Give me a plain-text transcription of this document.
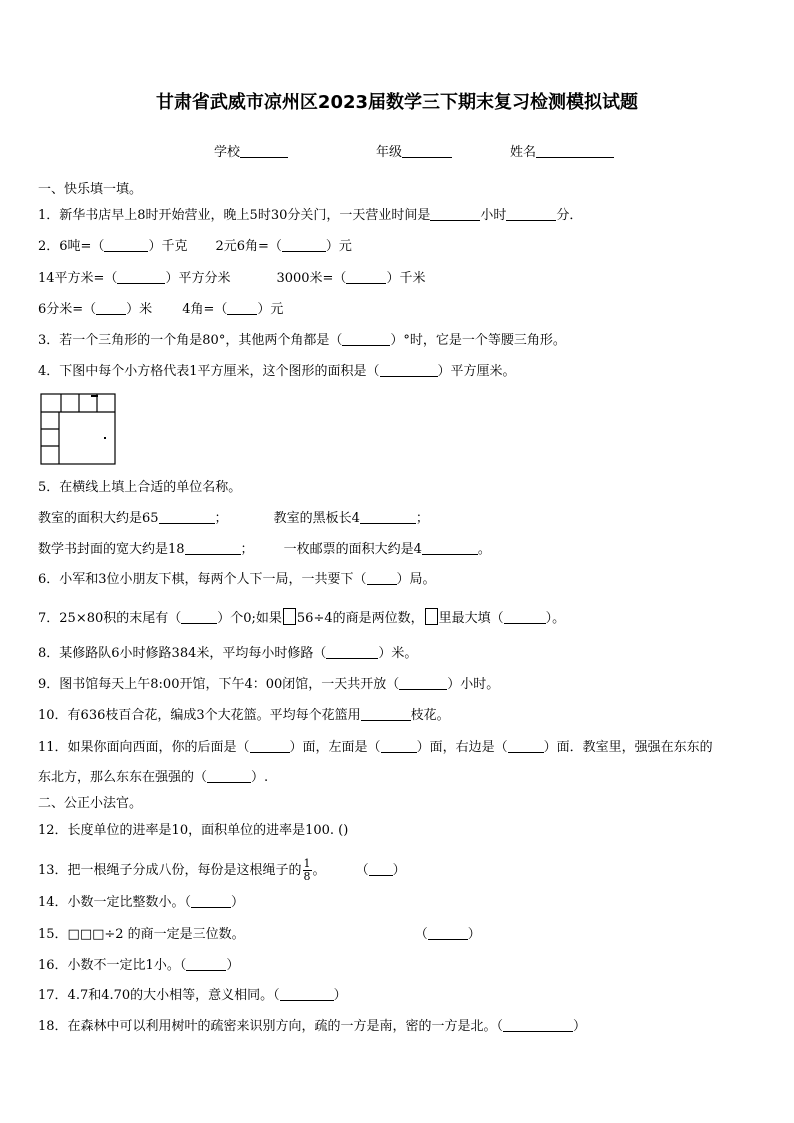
甘肃省武威市凉州区2023届数学三下期末复习检测模拟试题
学校	年级	姓名
一、快乐填一填。
1．新华书店早上8时开始营业，晚上5时30分关门，一天营业时间是	小时	分．
2．6吨=（	）千克 2元6角=（	）元
14平方米=（	）平方分米	3000米=（	）千米
6分米=（ ）米 4角=（ ）元
3．若一个三角形的一个角是80°，其他两个角都是（	）°时，它是一个等腰三角形。
4．下图中每个小方格代表1平方厘米，这个图形的面积是（	）平方厘米。
5．在横线上填上合适的单位名称。
教室的面积大约是65	；	教室的黑板长4	；
数学书封面的宽大约是18	； 一枚邮票的面积大约是4	。
6．小军和3位小朋友下棋，每两个人下一局，一共要下（ ）局。
7．25×80积的末尾有（	）个0;如果 56÷4的商是两位数， 里最大填（	）。
8．某修路队6小时修路384米，平均每小时修路（	）米。
9．图书馆每天上午8:00开馆，下午4：00闭馆，一天共开放（	）小时。
10．有636枝百合花，编成3个大花篮。平均每个花篮用	枝花。
11．如果你面向西面，你的后面是（	）面，左面是（	）面，右边是（	）面．教室里，强强在东东的
东北方，那么东东在强强的（	）.
二、公正小法官。
12．长度单位的进率是10，面积单位的进率是100. ()
13．把一根绳子分成八份，每份是这根绳子的 $\frac{1}{8}$ 。 （ ）
14．小数一定比整数小。（	）
15．□□□÷2 的商一定是三位数。	（	）
16．小数不一定比1小。（	）
17．4.7和4.70的大小相等，意义相同。（	）
18．在森林中可以利用树叶的疏密来识别方向，疏的一方是南，密的一方是北。（	）
